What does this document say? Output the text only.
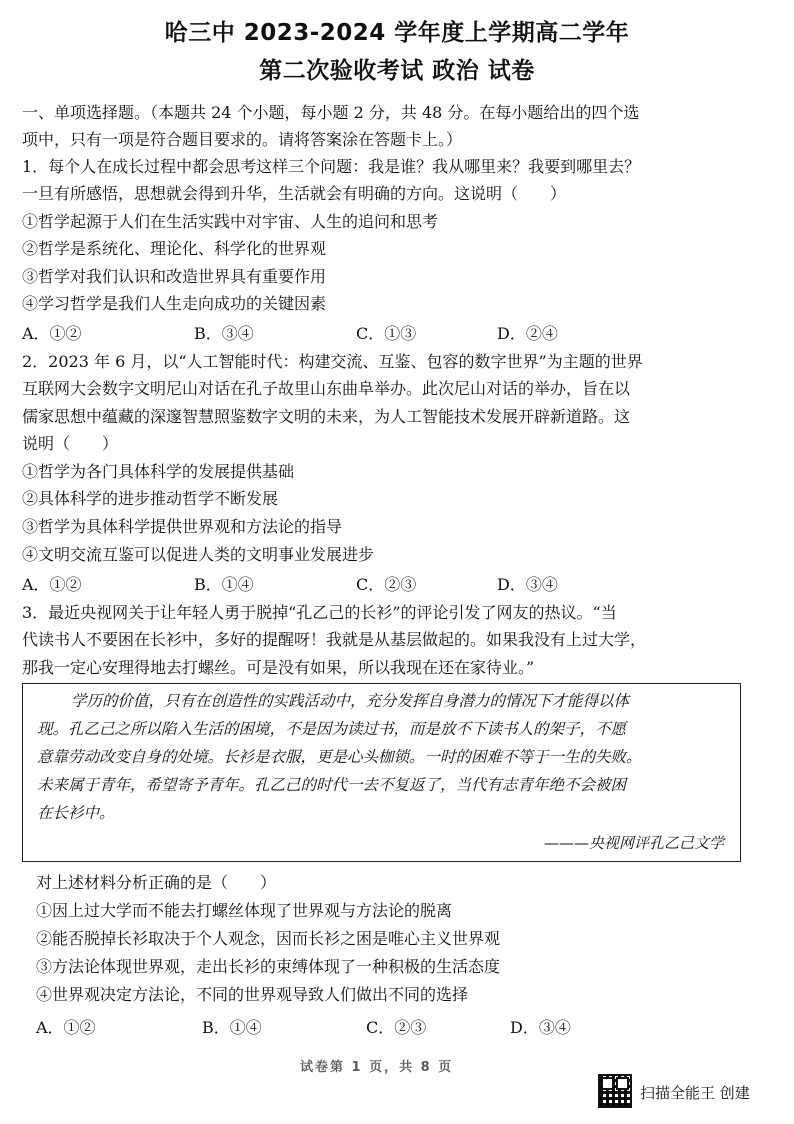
哈三中 2023-2024 学年度上学期高二学年
第二次验收考试 政治 试卷
一、单项选择题。（本题共 24 个小题，每小题 2 分，共 48 分。在每小题给出的四个选
项中，只有一项是符合题目要求的。请将答案涂在答题卡上。）
1．每个人在成长过程中都会思考这样三个问题：我是谁？我从哪里来？我要到哪里去？
一旦有所感悟，思想就会得到升华，生活就会有明确的方向。这说明（　　）
①哲学起源于人们在生活实践中对宇宙、人生的追问和思考
②哲学是系统化、理论化、科学化的世界观
③哲学对我们认识和改造世界具有重要作用
④学习哲学是我们人生走向成功的关键因素
A．①②	B．③④	C．①③	D．②④
2．2023 年 6 月，以“人工智能时代：构建交流、互鉴、包容的数字世界”为主题的世界
互联网大会数字文明尼山对话在孔子故里山东曲阜举办。此次尼山对话的举办，旨在以
儒家思想中蕴藏的深邃智慧照鉴数字文明的未来，为人工智能技术发展开辟新道路。这
说明（　　）
①哲学为各门具体科学的发展提供基础
②具体科学的进步推动哲学不断发展
③哲学为具体科学提供世界观和方法论的指导
④文明交流互鉴可以促进人类的文明事业发展进步
A．①②	B．①④	C．②③	D．③④
3．最近央视网关于让年轻人勇于脱掉“孔乙己的长衫”的评论引发了网友的热议。“当
代读书人不要困在长衫中，多好的提醒呀！我就是从基层做起的。如果我没有上过大学，
那我一定心安理得地去打螺丝。可是没有如果，所以我现在还在家待业。”
学历的价值，只有在创造性的实践活动中，充分发挥自身潜力的情况下才能得以体
现。孔乙己之所以陷入生活的困境，不是因为读过书，而是放不下读书人的架子，不愿
意靠劳动改变自身的处境。长衫是衣服，更是心头枷锁。一时的困难不等于一生的失败。
未来属于青年，希望寄予青年。孔乙己的时代一去不复返了，当代有志青年绝不会被困
在长衫中。
———央视网评孔乙己文学
对上述材料分析正确的是（　　）
①因上过大学而不能去打螺丝体现了世界观与方法论的脱离
②能否脱掉长衫取决于个人观念，因而长衫之困是唯心主义世界观
③方法论体现世界观，走出长衫的束缚体现了一种积极的生活态度
④世界观决定方法论，不同的世界观导致人们做出不同的选择
A．①②	B．①④	C．②③	D．③④
试卷第 1 页，共 8 页
扫描全能王 创建
